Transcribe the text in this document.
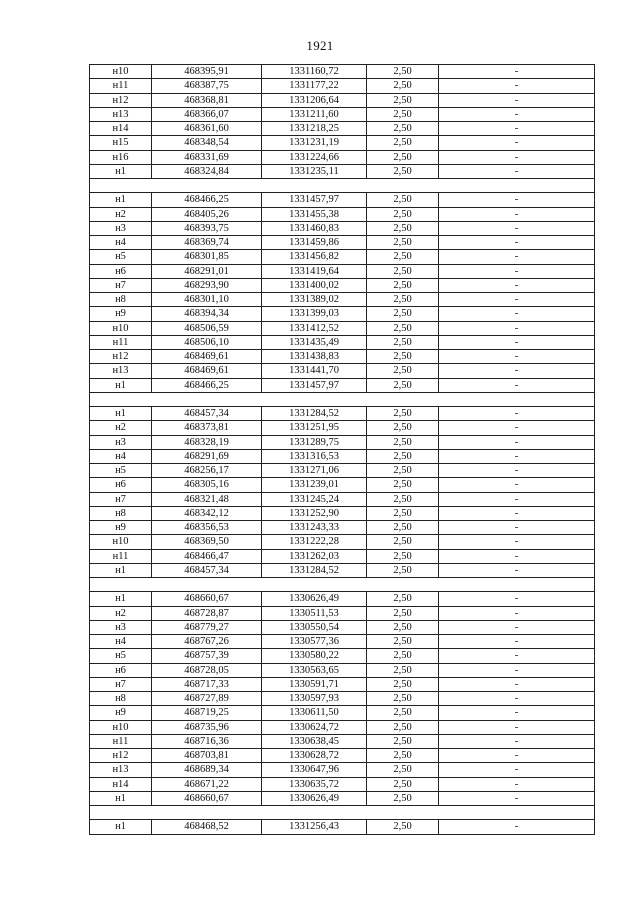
1921
н10	468395,91	1331160,72	2,50	-
н11	468387,75	1331177,22	2,50	-
н12	468368,81	1331206,64	2,50	-
н13	468366,07	1331211,60	2,50	-
н14	468361,60	1331218,25	2,50	-
н15	468348,54	1331231,19	2,50	-
н16	468331,69	1331224,66	2,50	-
н1	468324,84	1331235,11	2,50	-

н1	468466,25	1331457,97	2,50	-
н2	468405,26	1331455,38	2,50	-
н3	468393,75	1331460,83	2,50	-
н4	468369,74	1331459,86	2,50	-
н5	468301,85	1331456,82	2,50	-
н6	468291,01	1331419,64	2,50	-
н7	468293,90	1331400,02	2,50	-
н8	468301,10	1331389,02	2,50	-
н9	468394,34	1331399,03	2,50	-
н10	468506,59	1331412,52	2,50	-
н11	468506,10	1331435,49	2,50	-
н12	468469,61	1331438,83	2,50	-
н13	468469,61	1331441,70	2,50	-
н1	468466,25	1331457,97	2,50	-

н1	468457,34	1331284,52	2,50	-
н2	468373,81	1331251,95	2,50	-
н3	468328,19	1331289,75	2,50	-
н4	468291,69	1331316,53	2,50	-
н5	468256,17	1331271,06	2,50	-
н6	468305,16	1331239,01	2,50	-
н7	468321,48	1331245,24	2,50	-
н8	468342,12	1331252,90	2,50	-
н9	468356,53	1331243,33	2,50	-
н10	468369,50	1331222,28	2,50	-
н11	468466,47	1331262,03	2,50	-
н1	468457,34	1331284,52	2,50	-

н1	468660,67	1330626,49	2,50	-
н2	468728,87	1330511,53	2,50	-
н3	468779,27	1330550,54	2,50	-
н4	468767,26	1330577,36	2,50	-
н5	468757,39	1330580,22	2,50	-
н6	468728,05	1330563,65	2,50	-
н7	468717,33	1330591,71	2,50	-
н8	468727,89	1330597,93	2,50	-
н9	468719,25	1330611,50	2,50	-
н10	468735,96	1330624,72	2,50	-
н11	468716,36	1330638,45	2,50	-
н12	468703,81	1330628,72	2,50	-
н13	468689,34	1330647,96	2,50	-
н14	468671,22	1330635,72	2,50	-
н1	468660,67	1330626,49	2,50	-

н1	468468,52	1331256,43	2,50	-
